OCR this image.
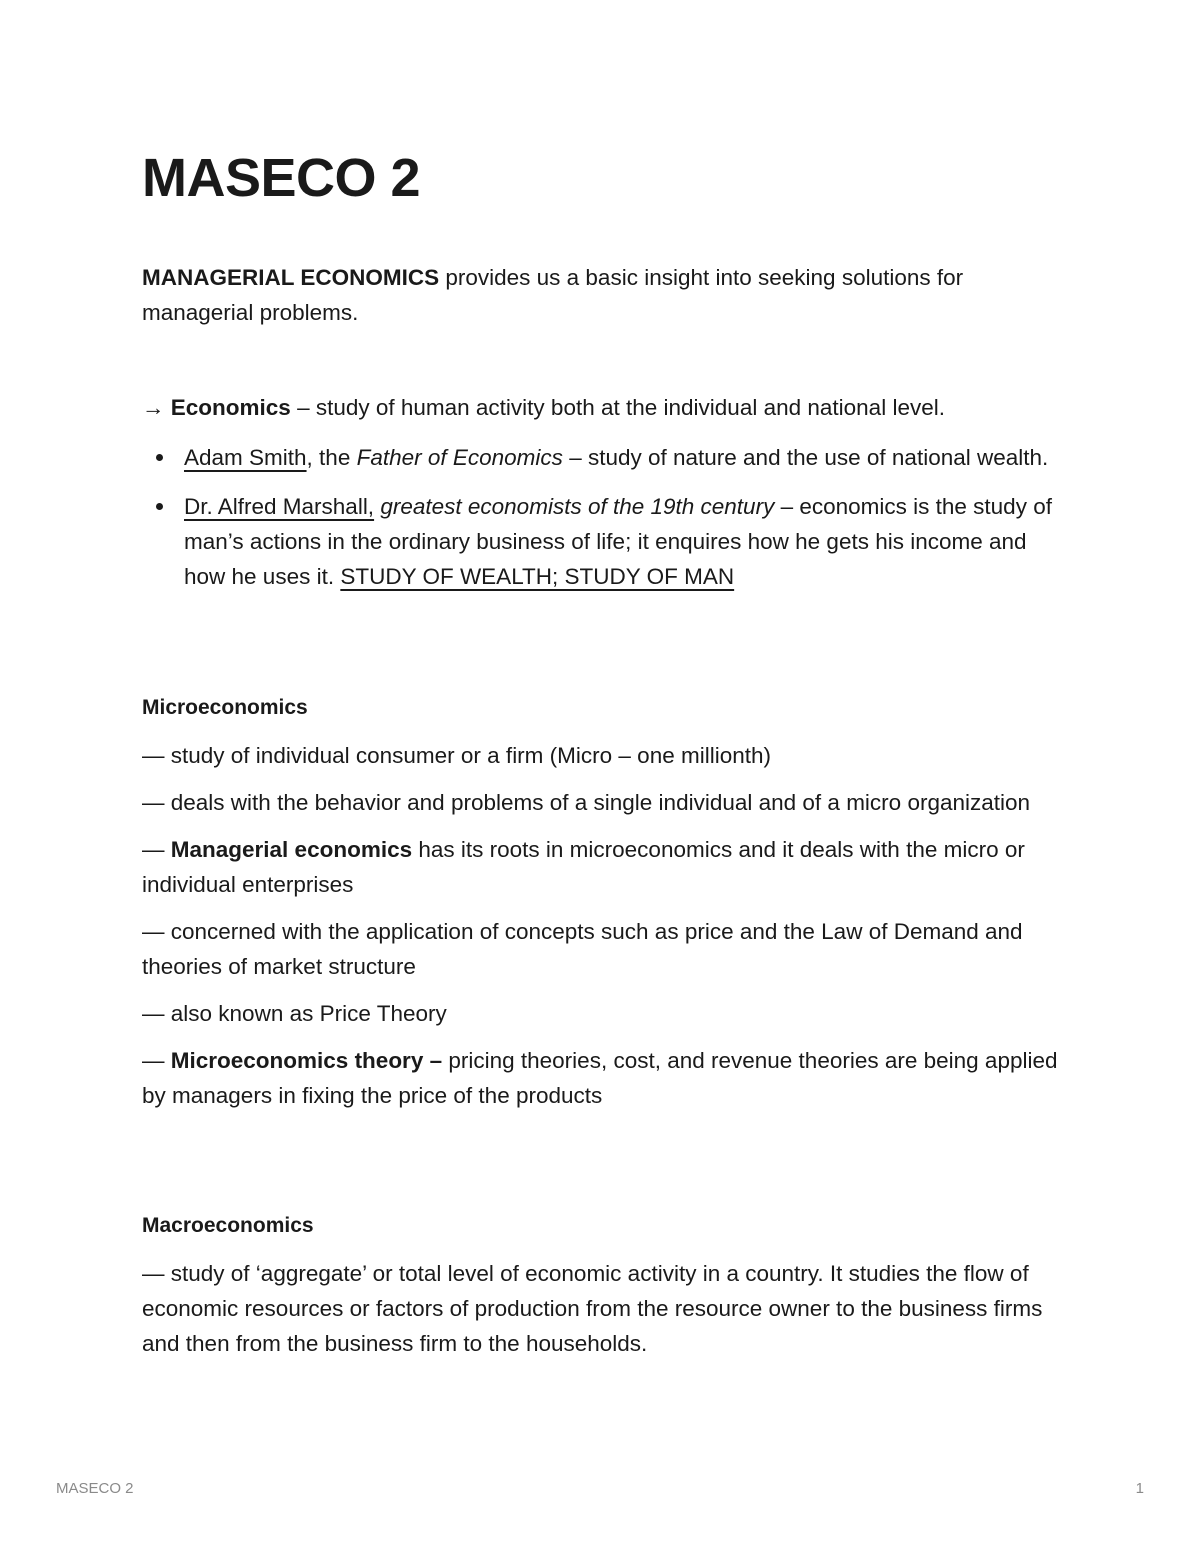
MASECO 2

MANAGERIAL ECONOMICS provides us a basic insight into seeking solutions for managerial problems.

→ Economics – study of human activity both at the individual and national level.

Adam Smith, the Father of Economics – study of nature and the use of national wealth.
Dr. Alfred Marshall, greatest economists of the 19th century – economics is the study of man’s actions in the ordinary business of life; it enquires how he gets his income and how he uses it. STUDY OF WEALTH; STUDY OF MAN
Microeconomics

— study of individual consumer or a firm (Micro – one millionth)

— deals with the behavior and problems of a single individual and of a micro organization

— Managerial economics has its roots in microeconomics and it deals with the micro or individual enterprises

— concerned with the application of concepts such as price and the Law of Demand and theories of market structure

— also known as Price Theory

— Microeconomics theory – pricing theories, cost, and revenue theories are being applied by managers in fixing the price of the products

Macroeconomics

— study of ‘aggregate’ or total level of economic activity in a country. It studies the flow of economic resources or factors of production from the resource owner to the business firms and then from the business firm to the households.

MASECO 2	1
